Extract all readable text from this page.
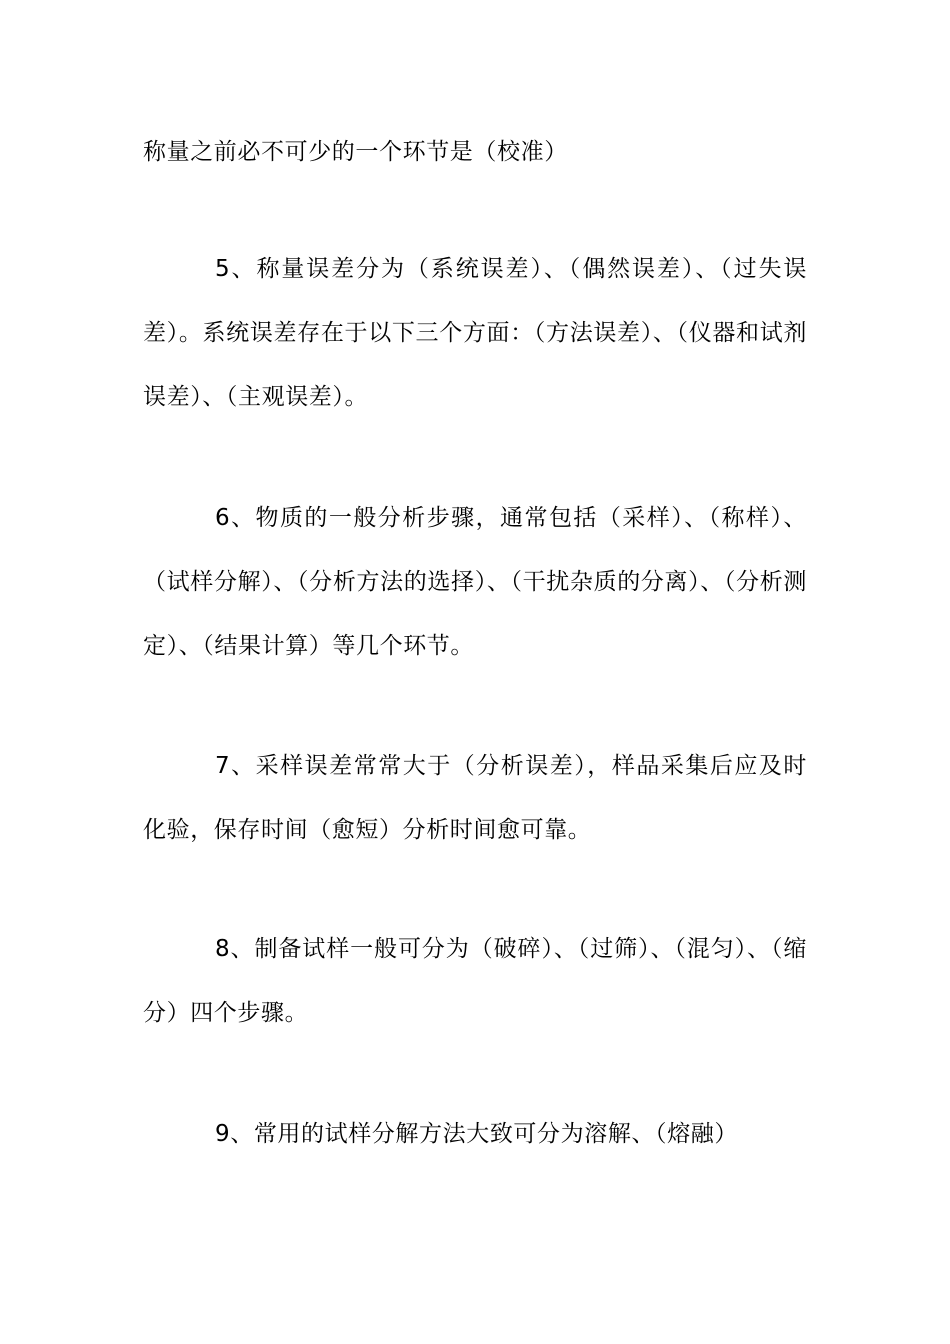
称量之前必不可少的一个环节是（校准）

5、称量误差分为（系统误差）、（偶然误差）、（过失误差）。系统误差存在于以下三个方面：（方法误差）、（仪器和试剂误差）、（主观误差）。

6、物质的一般分析步骤，通常包括（采样）、（称样）、（试样分解）、（分析方法的选择）、（干扰杂质的分离）、（分析测定）、（结果计算）等几个环节。

7、采样误差常常大于（分析误差），样品采集后应及时化验，保存时间（愈短）分析时间愈可靠。

8、制备试样一般可分为（破碎）、（过筛）、（混匀）、（缩分）四个步骤。

9、常用的试样分解方法大致可分为溶解、（熔融）
